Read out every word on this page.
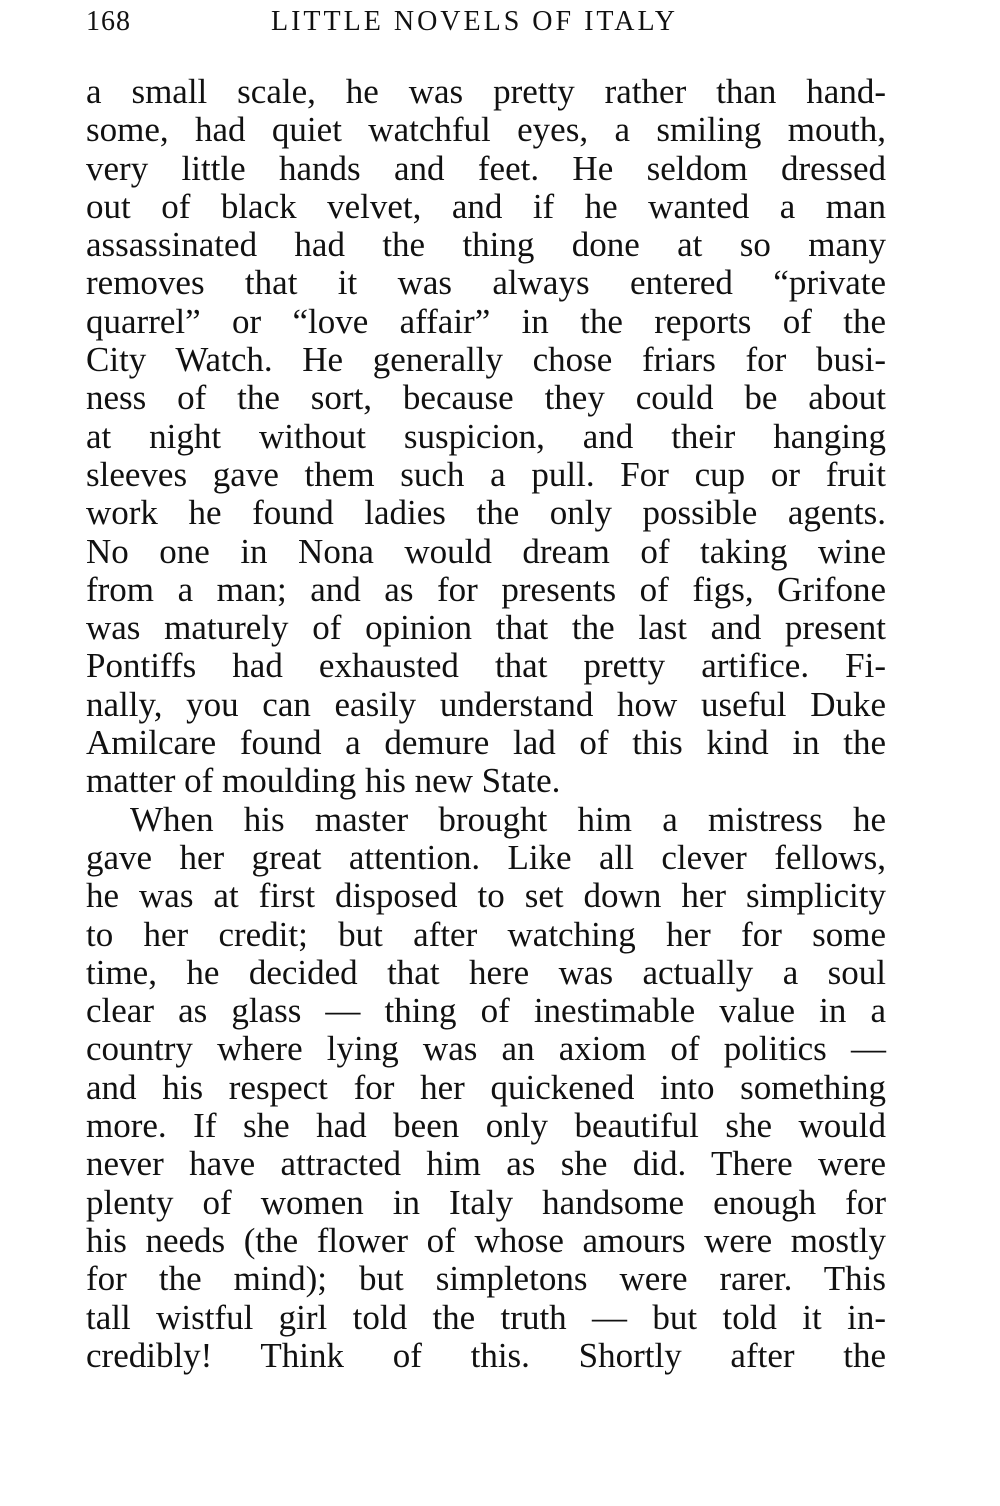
168	LITTLE NOVELS OF ITALY
a small scale, he was pretty rather than hand-
some, had quiet watchful eyes, a smiling mouth,
very little hands and feet. He seldom dressed
out of black velvet, and if he wanted a man
assassinated had the thing done at so many
removes that it was always entered “private
quarrel” or “love affair” in the reports of the
City Watch. He generally chose friars for busi-
ness of the sort, because they could be about
at night without suspicion, and their hanging
sleeves gave them such a pull. For cup or fruit
work he found ladies the only possible agents.
No one in Nona would dream of taking wine
from a man; and as for presents of figs, Grifone
was maturely of opinion that the last and present
Pontiffs had exhausted that pretty artifice. Fi-
nally, you can easily understand how useful Duke
Amilcare found a demure lad of this kind in the
matter of moulding his new State.
When his master brought him a mistress he
gave her great attention. Like all clever fellows,
he was at first disposed to set down her simplicity
to her credit; but after watching her for some
time, he decided that here was actually a soul
clear as glass — thing of inestimable value in a
country where lying was an axiom of politics —
and his respect for her quickened into something
more. If she had been only beautiful she would
never have attracted him as she did. There were
plenty of women in Italy handsome enough for
his needs (the flower of whose amours were mostly
for the mind); but simpletons were rarer. This
tall wistful girl told the truth — but told it in-
credibly! Think of this. Shortly after the
